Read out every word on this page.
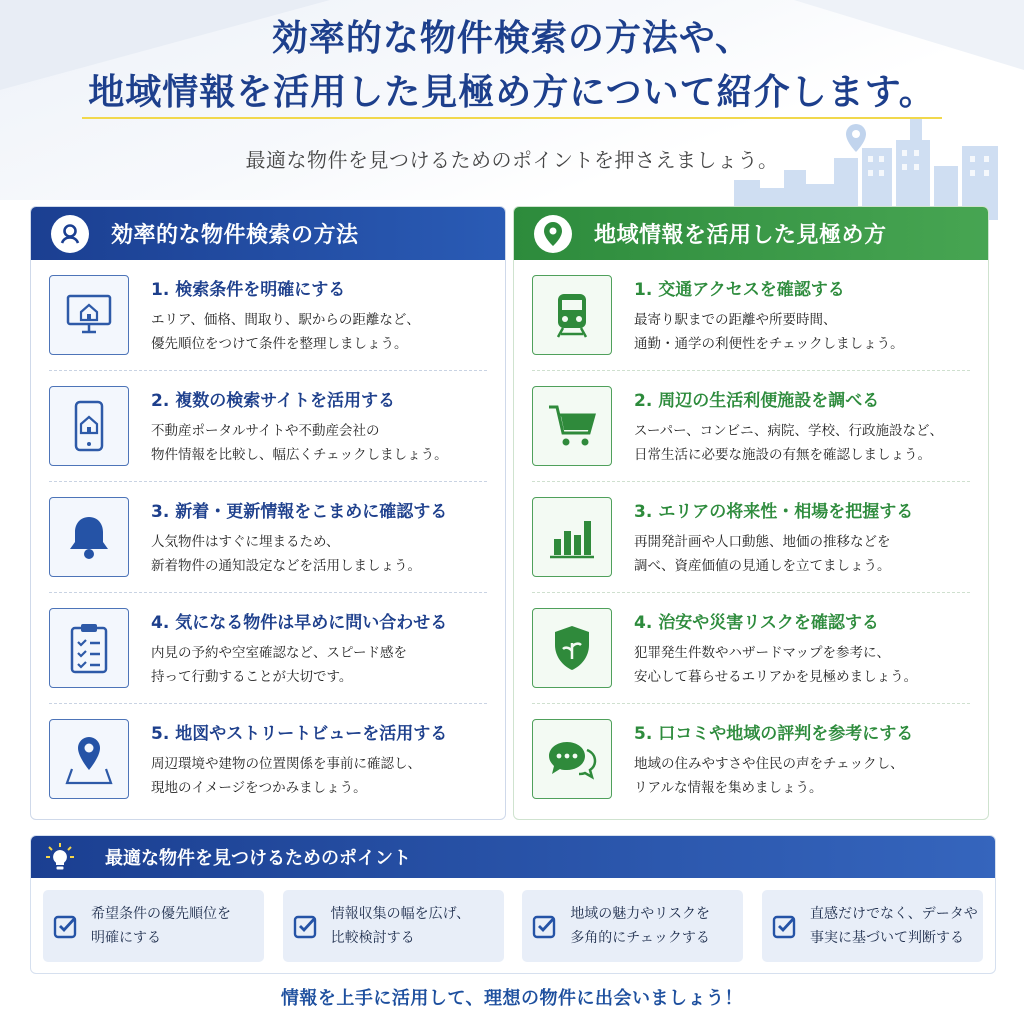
効率的な物件検索の方法や、
地域情報を活用した見極め方について紹介します。
最適な物件を見つけるためのポイントを押さえましょう。
効率的な物件検索の方法
1. 検索条件を明確にする
エリア、価格、間取り、駅からの距離など、
優先順位をつけて条件を整理しましょう。
2. 複数の検索サイトを活用する
不動産ポータルサイトや不動産会社の
物件情報を比較し、幅広くチェックしましょう。
3. 新着・更新情報をこまめに確認する
人気物件はすぐに埋まるため、
新着物件の通知設定などを活用しましょう。
4. 気になる物件は早めに問い合わせる
内見の予約や空室確認など、スピード感を
持って行動することが大切です。
5. 地図やストリートビューを活用する
周辺環境や建物の位置関係を事前に確認し、
現地のイメージをつかみましょう。
地域情報を活用した見極め方
1. 交通アクセスを確認する
最寄り駅までの距離や所要時間、
通勤・通学の利便性をチェックしましょう。
2. 周辺の生活利便施設を調べる
スーパー、コンビニ、病院、学校、行政施設など、
日常生活に必要な施設の有無を確認しましょう。
3. エリアの将来性・相場を把握する
再開発計画や人口動態、地価の推移などを
調べ、資産価値の見通しを立てましょう。
4. 治安や災害リスクを確認する
犯罪発生件数やハザードマップを参考に、
安心して暮らせるエリアかを見極めましょう。
5. 口コミや地域の評判を参考にする
地域の住みやすさや住民の声をチェックし、
リアルな情報を集めましょう。
最適な物件を見つけるためのポイント
希望条件の優先順位を
明確にする
情報収集の幅を広げ、
比較検討する
地域の魅力やリスクを
多角的にチェックする
直感だけでなく、データや
事実に基づいて判断する
情報を上手に活用して、理想の物件に出会いましょう！
